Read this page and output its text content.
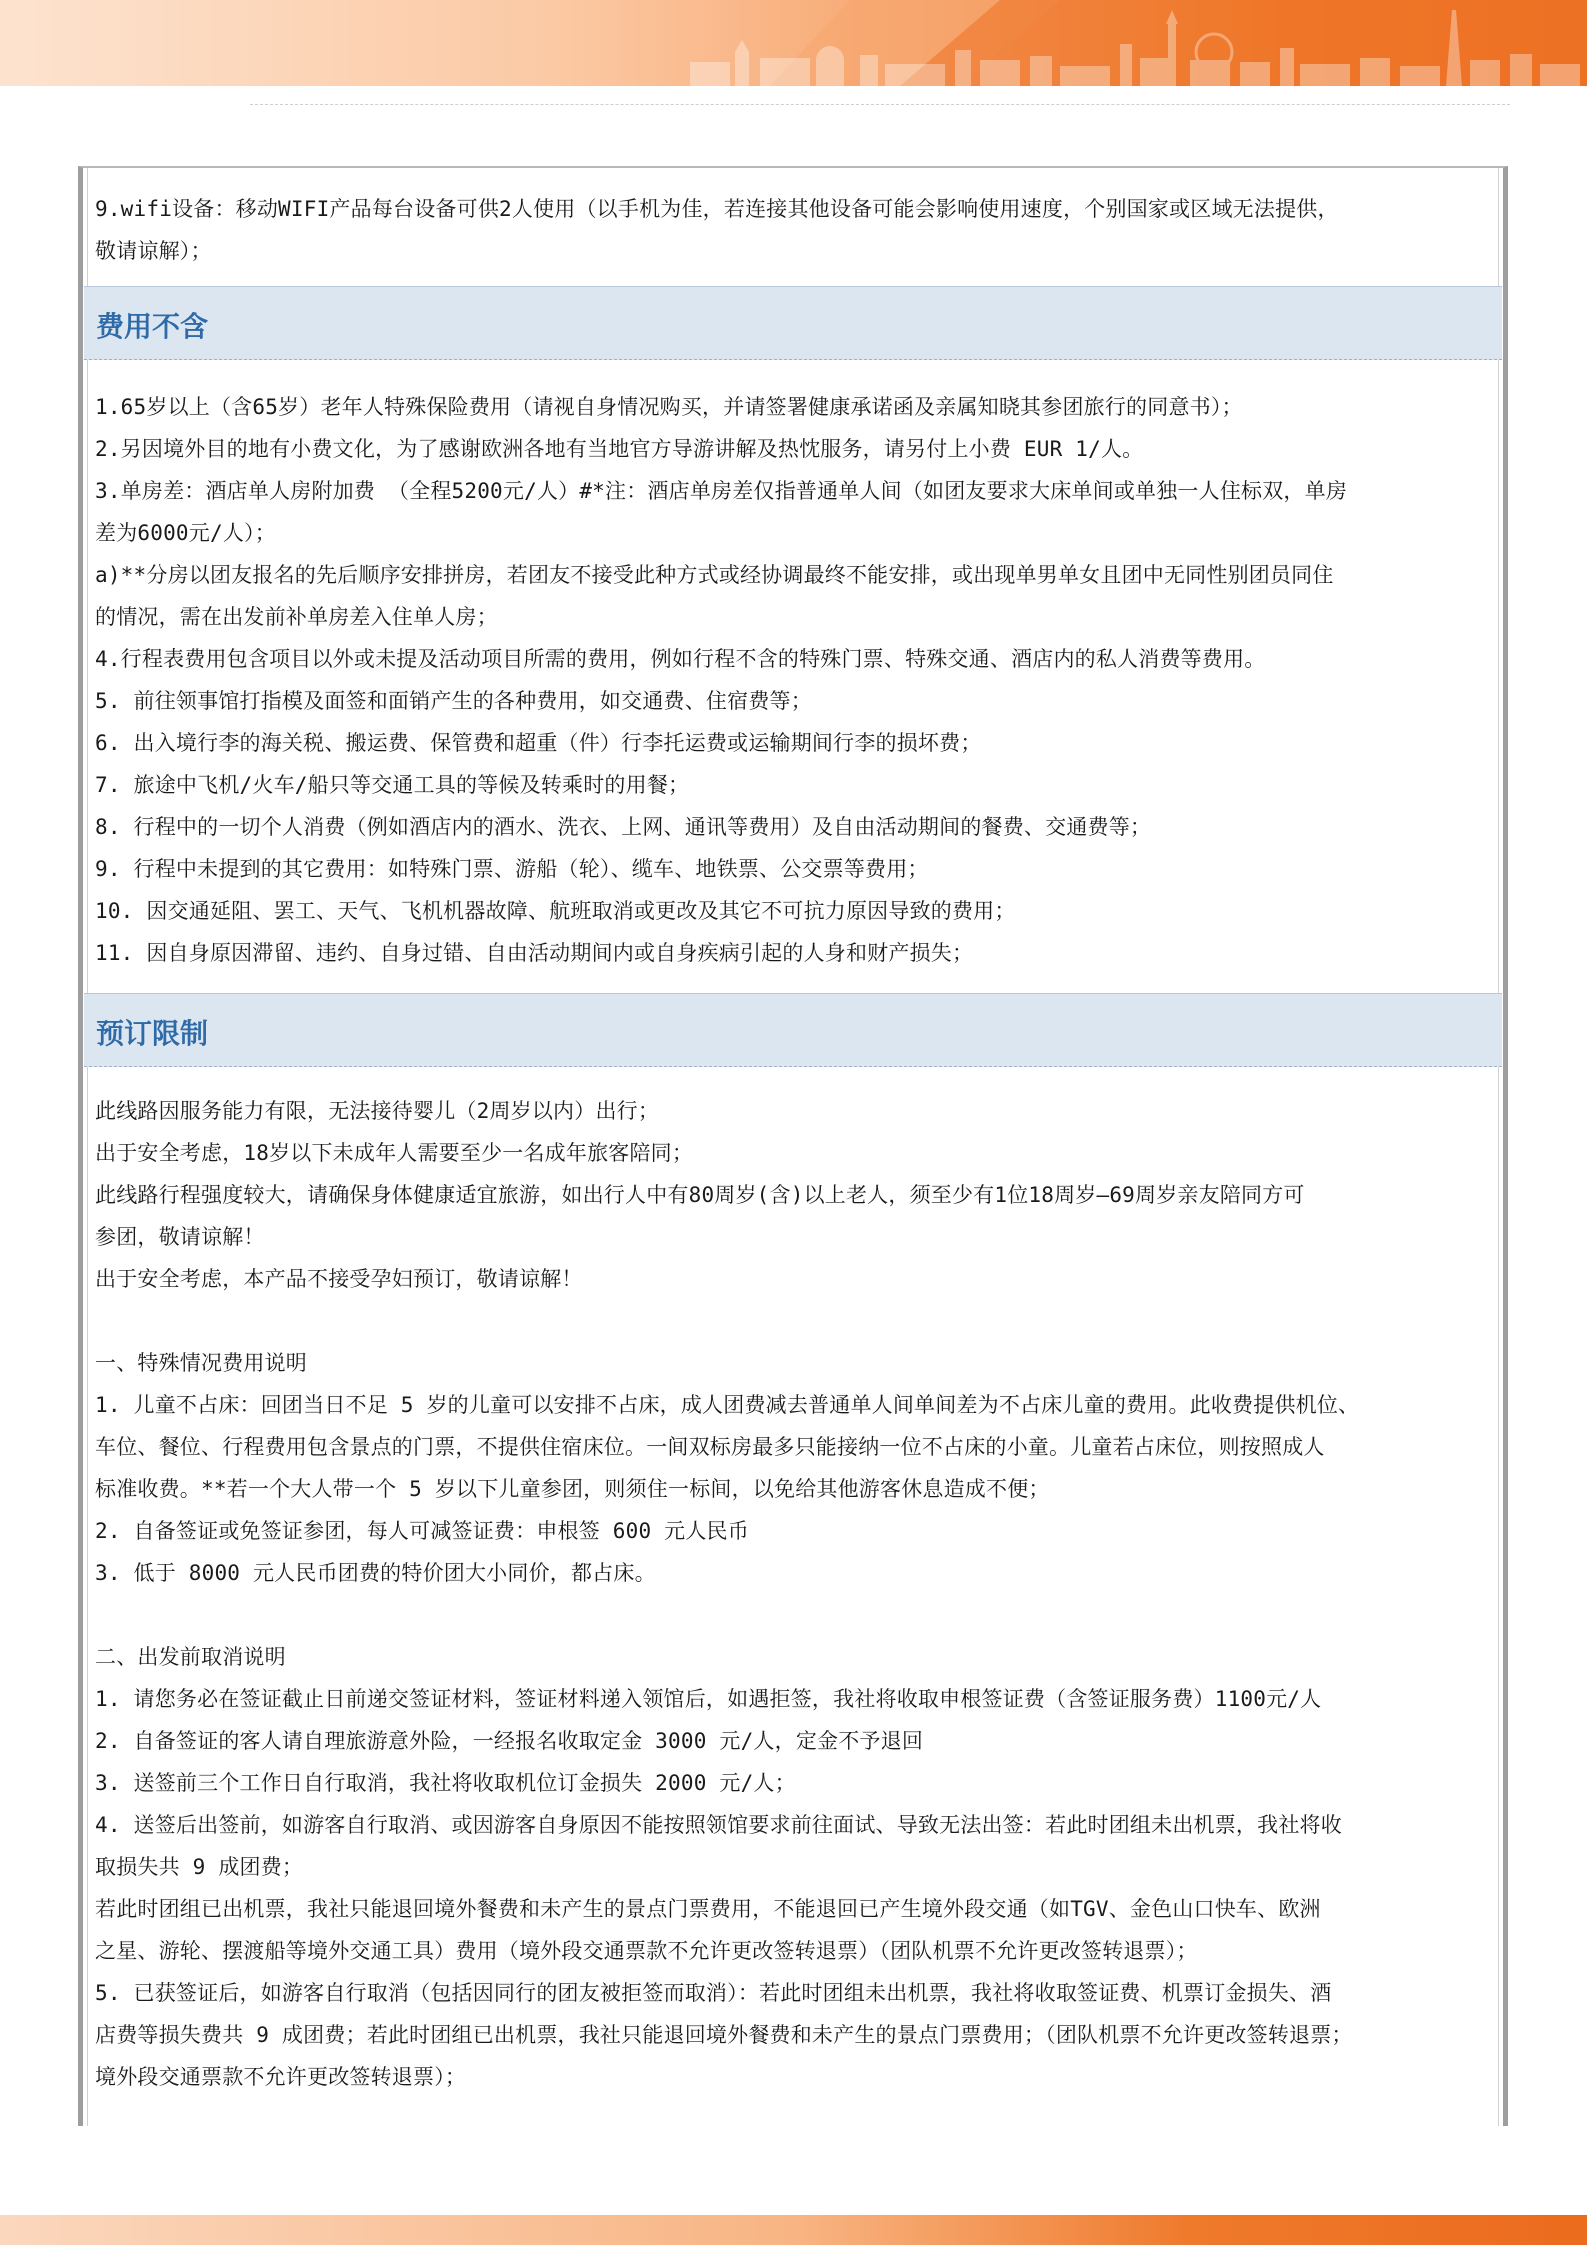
9.wifi设备：移动WIFI产品每台设备可供2人使用（以手机为佳，若连接其他设备可能会影响使用速度，个别国家或区域无法提供，
敬请谅解）；
费用不含
1.65岁以上（含65岁）老年人特殊保险费用（请视自身情况购买，并请签署健康承诺函及亲属知晓其参团旅行的同意书）；
2.另因境外目的地有小费文化，为了感谢欧洲各地有当地官方导游讲解及热忱服务，请另付上小费 EUR 1/人。
3.单房差：酒店单人房附加费 （全程5200元/人）#*注：酒店单房差仅指普通单人间（如团友要求大床单间或单独一人住标双，单房
差为6000元/人）；
a)**分房以团友报名的先后顺序安排拼房，若团友不接受此种方式或经协调最终不能安排，或出现单男单女且团中无同性别团员同住
的情况，需在出发前补单房差入住单人房；
4.行程表费用包含项目以外或未提及活动项目所需的费用，例如行程不含的特殊门票、特殊交通、酒店内的私人消费等费用。
5. 前往领事馆打指模及面签和面销产生的各种费用，如交通费、住宿费等；
6. 出入境行李的海关税、搬运费、保管费和超重（件）行李托运费或运输期间行李的损坏费；
7. 旅途中飞机/火车/船只等交通工具的等候及转乘时的用餐；
8. 行程中的一切个人消费（例如酒店内的酒水、洗衣、上网、通讯等费用）及自由活动期间的餐费、交通费等；
9. 行程中未提到的其它费用：如特殊门票、游船（轮）、缆车、地铁票、公交票等费用；
10. 因交通延阻、罢工、天气、飞机机器故障、航班取消或更改及其它不可抗力原因导致的费用；
11. 因自身原因滞留、违约、自身过错、自由活动期间内或自身疾病引起的人身和财产损失；
预订限制
此线路因服务能力有限，无法接待婴儿（2周岁以内）出行；
出于安全考虑，18岁以下未成年人需要至少一名成年旅客陪同；
此线路行程强度较大，请确保身体健康适宜旅游，如出行人中有80周岁(含)以上老人，须至少有1位18周岁—69周岁亲友陪同方可
参团，敬请谅解！
出于安全考虑，本产品不接受孕妇预订，敬请谅解！
一、特殊情况费用说明
1. 儿童不占床：回团当日不足 5 岁的儿童可以安排不占床，成人团费减去普通单人间单间差为不占床儿童的费用。此收费提供机位、
车位、餐位、行程费用包含景点的门票，不提供住宿床位。一间双标房最多只能接纳一位不占床的小童。儿童若占床位，则按照成人
标准收费。**若一个大人带一个 5 岁以下儿童参团，则须住一标间，以免给其他游客休息造成不便；
2. 自备签证或免签证参团，每人可减签证费：申根签 600 元人民币
3. 低于 8000 元人民币团费的特价团大小同价，都占床。
二、出发前取消说明
1. 请您务必在签证截止日前递交签证材料，签证材料递入领馆后，如遇拒签，我社将收取申根签证费（含签证服务费）1100元/人
2. 自备签证的客人请自理旅游意外险，一经报名收取定金 3000 元/人，定金不予退回
3. 送签前三个工作日自行取消，我社将收取机位订金损失 2000 元/人；
4. 送签后出签前，如游客自行取消、或因游客自身原因不能按照领馆要求前往面试、导致无法出签：若此时团组未出机票，我社将收
取损失共 9 成团费；
若此时团组已出机票，我社只能退回境外餐费和未产生的景点门票费用，不能退回已产生境外段交通（如TGV、金色山口快车、欧洲
之星、游轮、摆渡船等境外交通工具）费用（境外段交通票款不允许更改签转退票）（团队机票不允许更改签转退票）；
5. 已获签证后，如游客自行取消（包括因同行的团友被拒签而取消）：若此时团组未出机票，我社将收取签证费、机票订金损失、酒
店费等损失费共 9 成团费；若此时团组已出机票，我社只能退回境外餐费和未产生的景点门票费用；（团队机票不允许更改签转退票；
境外段交通票款不允许更改签转退票）；
